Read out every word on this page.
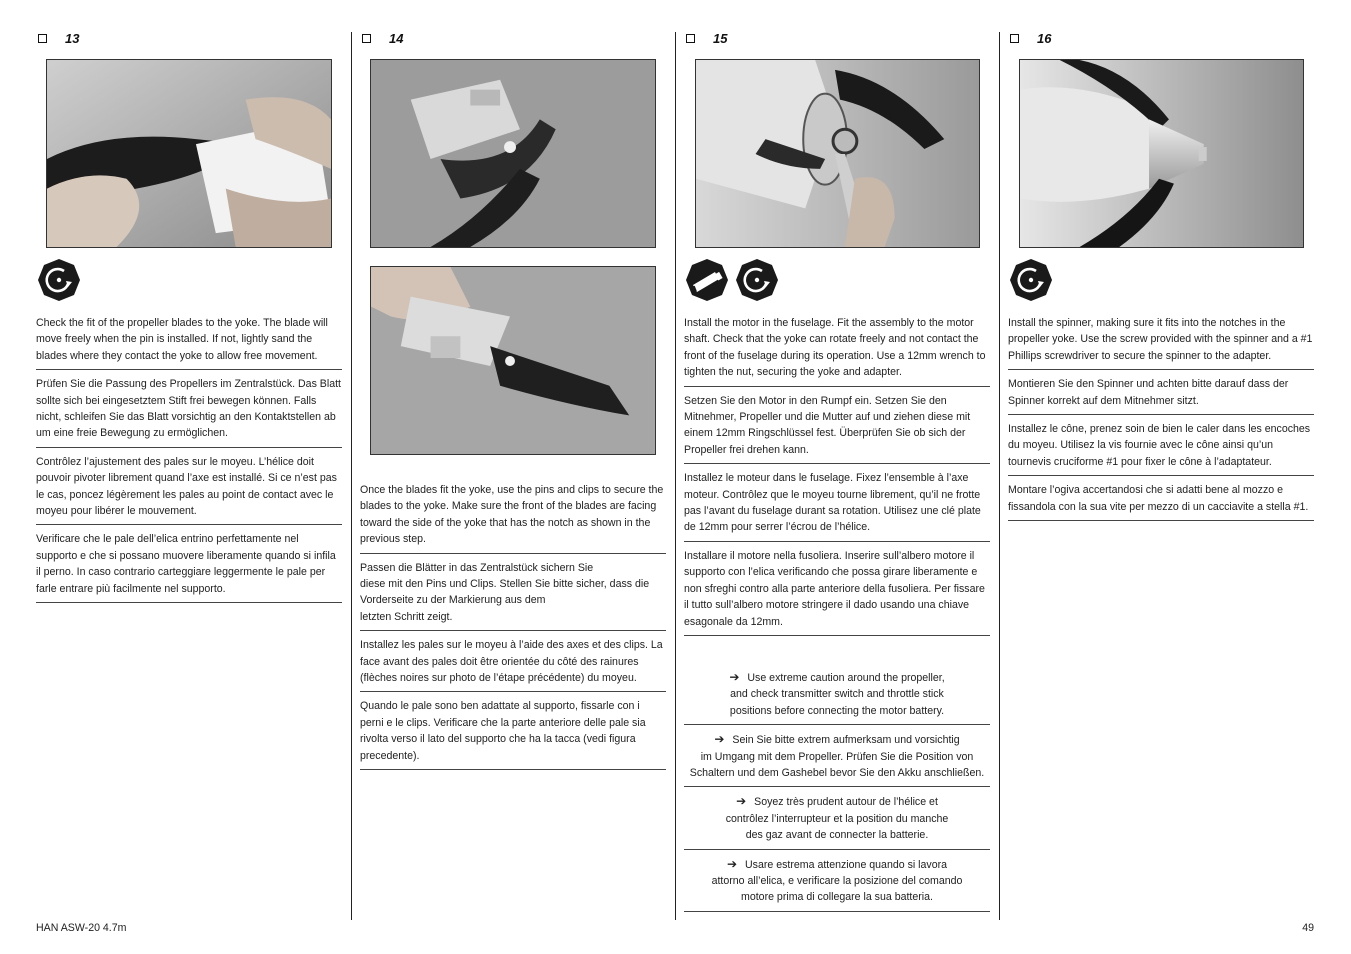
13

Check the fit of the propeller blades to the yoke. The blade will move freely when the pin is installed. If not, lightly sand the blades where they contact the yoke to allow free movement.

Prüfen Sie die Passung des Propellers im Zentralstück. Das Blatt sollte sich bei eingesetztem Stift frei bewegen können. Falls nicht, schleifen Sie das Blatt vorsichtig an den Kontaktstellen ab um eine freie Bewegung zu ermöglichen.

Contrôlez l’ajustement des pales sur le moyeu. L’hélice doit pouvoir pivoter librement quand l’axe est installé. Si ce n’est pas le cas, poncez légèrement les pales au point de contact avec le moyeu pour libérer le mouvement.

Verificare che le pale dell’elica entrino perfettamente nel supporto e che si possano muovere liberamente quando si infila il perno. In caso contrario carteggiare leggermente le pale per farle entrare più facilmente nel supporto.

14

Once the blades fit the yoke, use the pins and clips to secure the blades to the yoke. Make sure the front of the blades are facing toward the side of the yoke that has the notch as shown in the previous step.

Passen die Blätter in das Zentralstück sichern Sie
diese mit den Pins und Clips. Stellen Sie bitte sicher, dass die Vorderseite zu der Markierung aus dem
letzten Schritt zeigt.

Installez les pales sur le moyeu à l’aide des axes et des clips. La face avant des pales doit être orientée du côté des rainures (flèches noires sur photo de l’étape précédente) du moyeu.

Quando le pale sono ben adattate al supporto, fissarle con i perni e le clips. Verificare che la parte anteriore delle pale sia rivolta verso il lato del supporto che ha la tacca (vedi figura precedente).

15

Install the motor in the fuselage. Fit the assembly to the motor shaft. Check that the yoke can rotate freely and not contact the front of the fuselage during its operation. Use a 12mm wrench to tighten the nut, securing the yoke and adapter.

Setzen Sie den Motor in den Rumpf ein. Setzen Sie den Mitnehmer, Propeller und die Mutter auf und ziehen diese mit einem 12mm Ringschlüssel fest. Überprüfen Sie ob sich der Propeller frei drehen kann.

Installez le moteur dans le fuselage. Fixez l’ensemble à l’axe moteur. Contrôlez que le moyeu tourne librement, qu’il ne frotte pas l’avant du fuselage durant sa rotation. Utilisez une clé plate de 12mm pour serrer l’écrou de l’hélice.

Installare il motore nella fusoliera. Inserire sull’albero motore il supporto con l’elica verificando che possa girare liberamente e non sfreghi contro alla parte anteriore della fusoliera. Per fissare il tutto sull’albero motore stringere il dado usando una chiave esagonale da 12mm.

➔ Use extreme caution around the propeller,
and check transmitter switch and throttle stick
positions before connecting the motor battery.

➔ Sein Sie bitte extrem aufmerksam und vorsichtig
im Umgang mit dem Propeller. Prüfen Sie die Position von Schaltern und dem Gashebel bevor Sie den Akku anschließen.

➔ Soyez très prudent autour de l’hélice et
contrôlez l’interrupteur et la position du manche
des gaz avant de connecter la batterie.

➔ Usare estrema attenzione quando si lavora
attorno all’elica, e verificare la posizione del comando
motore prima di collegare la sua batteria.

16

Install the spinner, making sure it fits into the notches in the propeller yoke. Use the screw provided with the spinner and a #1 Phillips screwdriver to secure the spinner to the adapter.

Montieren Sie den Spinner und achten bitte darauf dass der Spinner korrekt auf dem Mitnehmer sitzt.

Installez le cône, prenez soin de bien le caler dans les encoches du moyeu. Utilisez la vis fournie avec le cône ainsi qu’un tournevis cruciforme #1 pour fixer le cône à l’adaptateur.

Montare l’ogiva accertandosi che si adatti bene al mozzo e fissandola con la sua vite per mezzo di un cacciavite a stella #1.

HAN ASW-20 4.7m	49
